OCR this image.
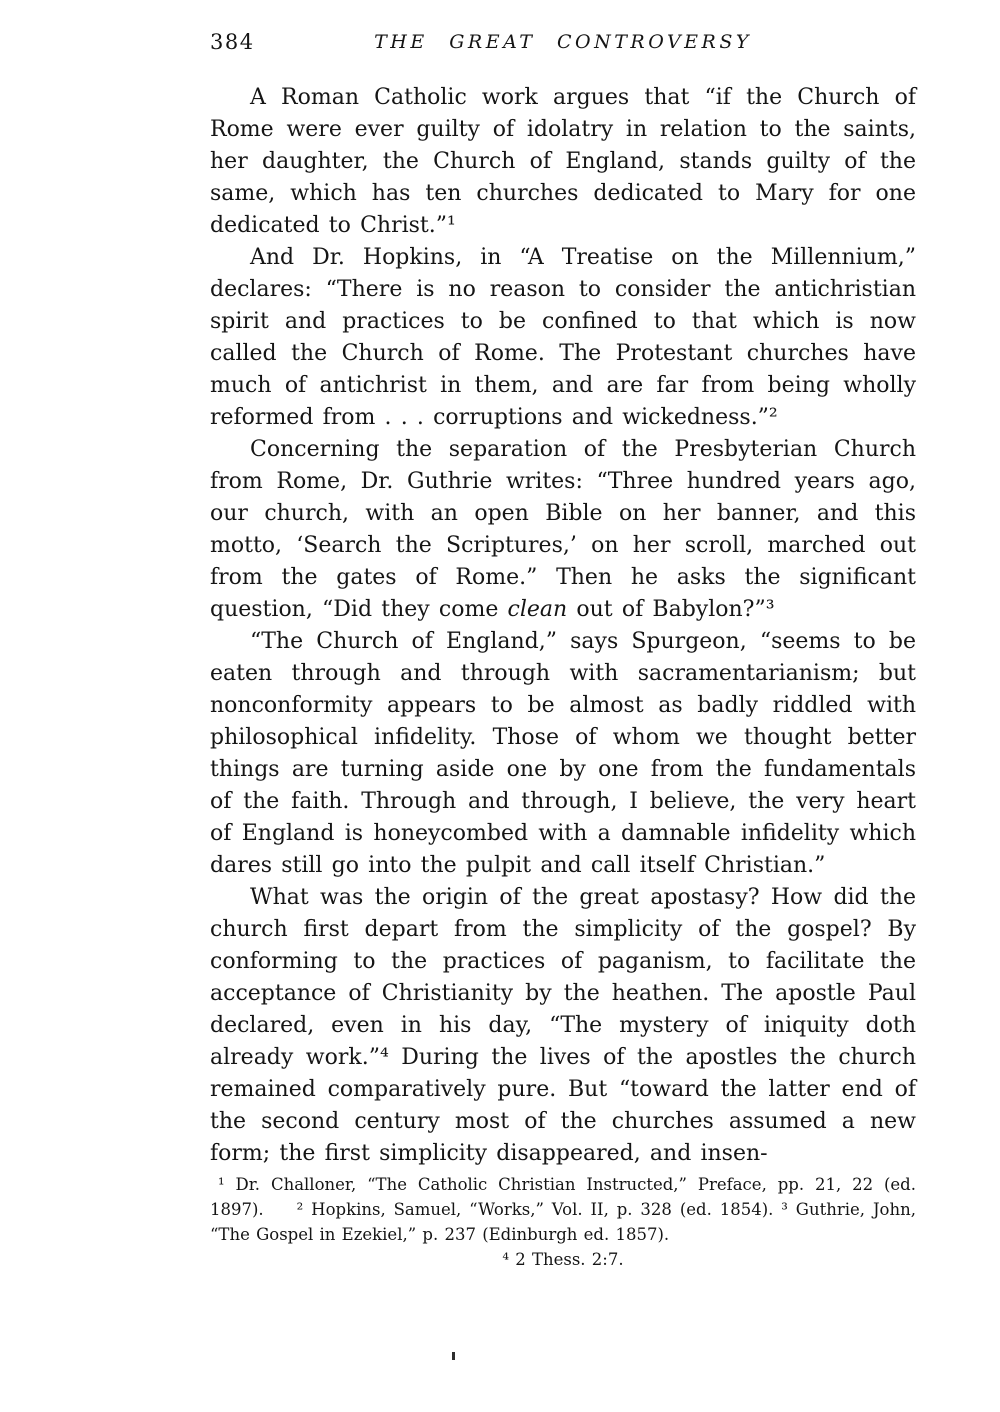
384	THE GREAT CONTROVERSY

A Roman Catholic work argues that “if the Church of Rome were ever guilty of idolatry in relation to the saints, her daughter, the Church of England, stands guilty of the same, which has ten churches dedicated to Mary for one dedicated to Christ.”¹

And Dr. Hopkins, in “A Treatise on the Millennium,” declares: “There is no reason to consider the antichristian spirit and practices to be confined to that which is now called the Church of Rome. The Protestant churches have much of antichrist in them, and are far from being wholly reformed from . . . corruptions and wickedness.”²

Concerning the separation of the Presbyterian Church from Rome, Dr. Guthrie writes: “Three hundred years ago, our church, with an open Bible on her banner, and this motto, ‘Search the Scriptures,’ on her scroll, marched out from the gates of Rome.” Then he asks the significant question, “Did they come clean out of Babylon?”³

“The Church of England,” says Spurgeon, “seems to be eaten through and through with sacramentarianism; but nonconformity appears to be almost as badly riddled with philosophical infidelity. Those of whom we thought better things are turning aside one by one from the fundamentals of the faith. Through and through, I believe, the very heart of England is honeycombed with a damnable infidelity which dares still go into the pulpit and call itself Christian.”

What was the origin of the great apostasy? How did the church first depart from the simplicity of the gospel? By conforming to the practices of paganism, to facilitate the acceptance of Christianity by the heathen. The apostle Paul declared, even in his day, “The mystery of iniquity doth already work.”⁴ During the lives of the apostles the church remained comparatively pure. But “toward the latter end of the second century most of the churches assumed a new form; the first simplicity disappeared, and insen-

¹ Dr. Challoner, “The Catholic Christian Instructed,” Preface, pp. 21, 22 (ed. 1897).  ² Hopkins, Samuel, “Works,” Vol. II, p. 328 (ed. 1854). ³ Guthrie, John, “The Gospel in Ezekiel,” p. 237 (Edinburgh ed. 1857).

⁴ 2 Thess. 2:7.
